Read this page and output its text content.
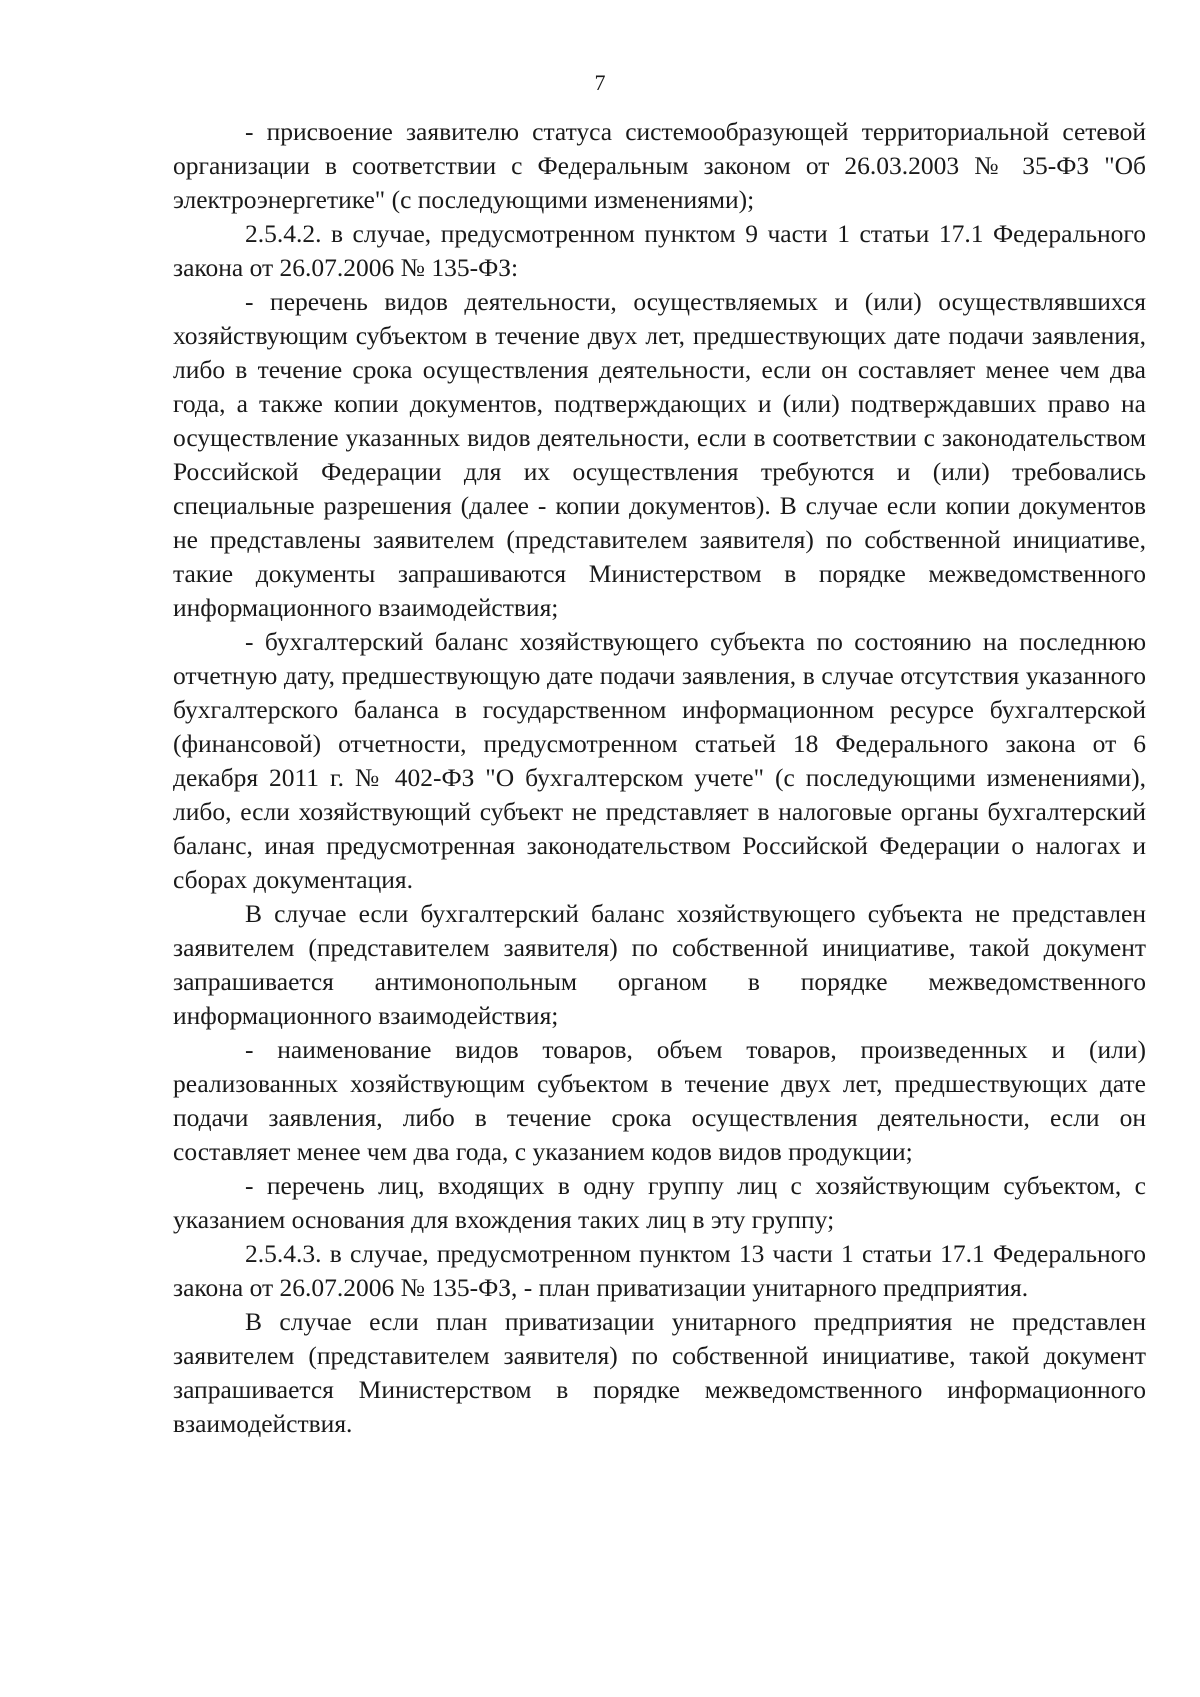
7

- присвоение заявителю статуса системообразующей территориальной сетевой организации в соответствии с Федеральным законом от 26.03.2003 № 35-ФЗ "Об электроэнергетике" (с последующими изменениями);

2.5.4.2. в случае, предусмотренном пунктом 9 части 1 статьи 17.1 Федерального закона от 26.07.2006 № 135-ФЗ:

- перечень видов деятельности, осуществляемых и (или) осуществлявшихся хозяйствующим субъектом в течение двух лет, предшествующих дате подачи заявления, либо в течение срока осуществления деятельности, если он составляет менее чем два года, а также копии документов, подтверждающих и (или) подтверждавших право на осуществление указанных видов деятельности, если в соответствии с законодательством Российской Федерации для их осуществления требуются и (или) требовались специальные разрешения (далее - копии документов). В случае если копии документов не представлены заявителем (представителем заявителя) по собственной инициативе, такие документы запрашиваются Министерством в порядке межведомственного информационного взаимодействия;

- бухгалтерский баланс хозяйствующего субъекта по состоянию на последнюю отчетную дату, предшествующую дате подачи заявления, в случае отсутствия указанного бухгалтерского баланса в государственном информационном ресурсе бухгалтерской (финансовой) отчетности, предусмотренном статьей 18 Федерального закона от 6 декабря 2011 г. № 402-ФЗ "О бухгалтерском учете" (с последующими изменениями), либо, если хозяйствующий субъект не представляет в налоговые органы бухгалтерский баланс, иная предусмотренная законодательством Российской Федерации о налогах и сборах документация.

В случае если бухгалтерский баланс хозяйствующего субъекта не представлен заявителем (представителем заявителя) по собственной инициативе, такой документ запрашивается антимонопольным органом в порядке межведомственного информационного взаимодействия;

- наименование видов товаров, объем товаров, произведенных и (или) реализованных хозяйствующим субъектом в течение двух лет, предшествующих дате подачи заявления, либо в течение срока осуществления деятельности, если он составляет менее чем два года, с указанием кодов видов продукции;

- перечень лиц, входящих в одну группу лиц с хозяйствующим субъектом, с указанием основания для вхождения таких лиц в эту группу;

2.5.4.3. в случае, предусмотренном пунктом 13 части 1 статьи 17.1 Федерального закона от 26.07.2006 № 135-ФЗ, - план приватизации унитарного предприятия.

В случае если план приватизации унитарного предприятия не представлен заявителем (представителем заявителя) по собственной инициативе, такой документ запрашивается Министерством в порядке межведомственного информационного взаимодействия.
